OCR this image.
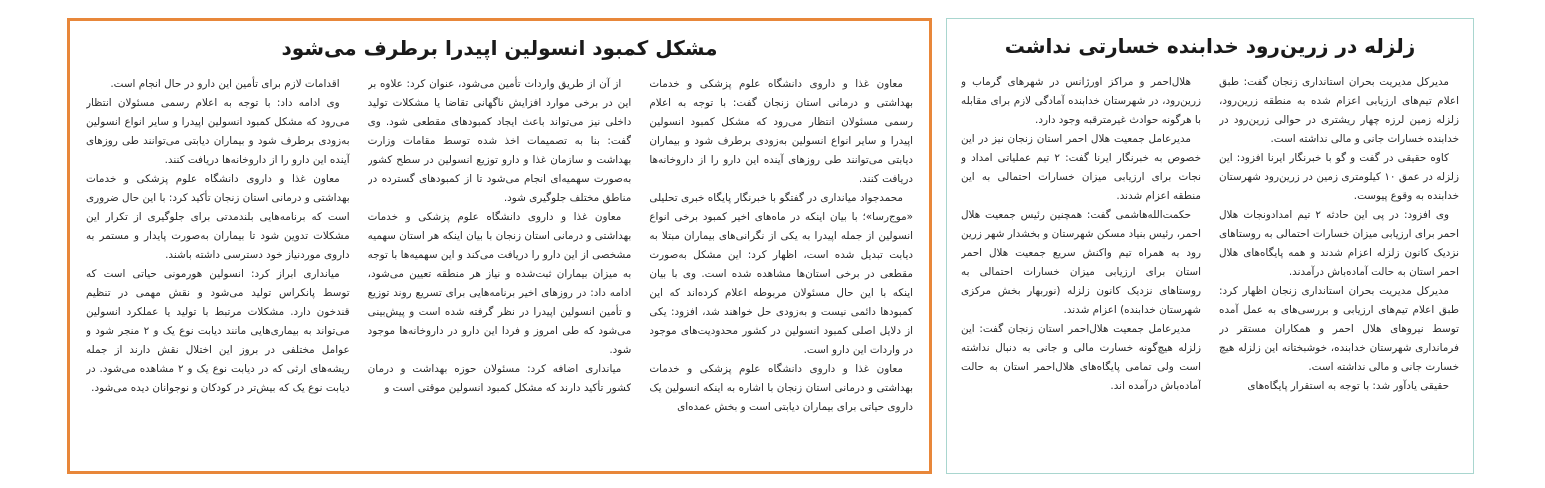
مشکل کمبود انسولین اپیدرا برطرف می‌شود

معاون غذا و داروی دانشگاه علوم پزشکی و خدمات بهداشتی و درمانی استان زنجان گفت: با توجه به اعلام رسمی مسئولان انتظار می‌رود که مشکل کمبود انسولین اپیدرا و سایر انواع انسولین به‌زودی برطرف شود و بیماران دیابتی می‌توانند طی روزهای آینده این دارو را از داروخانه‌ها دریافت کنند.

محمدجواد میانداری در گفتگو با خبرنگار پایگاه خبری تحلیلی «موج‌رسا»؛ با بیان اینکه در ماه‌های اخیر کمبود برخی انواع انسولین از جمله اپیدرا به یکی از نگرانی‌های بیماران مبتلا به دیابت تبدیل شده است، اظهار کرد: این مشکل به‌صورت مقطعی در برخی استان‌ها مشاهده شده است. وی با بیان اینکه با این حال مسئولان مربوطه اعلام کرده‌اند که این کمبودها دائمی نیست و به‌زودی حل خواهند شد، افزود: یکی از دلایل اصلی کمبود انسولین در کشور محدودیت‌های موجود در واردات این دارو است.

معاون غذا و داروی دانشگاه علوم پزشکی و خدمات بهداشتی و درمانی استان زنجان با اشاره به اینکه انسولین یک داروی حیاتی برای بیماران دیابتی است و بخش عمده‌ای

از آن از طریق واردات تأمین می‌شود، عنوان کرد: علاوه بر این در برخی موارد افزایش ناگهانی تقاضا یا مشکلات تولید داخلی نیز می‌تواند باعث ایجاد کمبودهای مقطعی شود. وی گفت: بنا به تصمیمات اخذ شده توسط مقامات وزارت بهداشت و سازمان غذا و دارو توزیع انسولین در سطح کشور به‌صورت سهمیه‌ای انجام می‌شود تا از کمبودهای گسترده در مناطق مختلف جلوگیری شود.

معاون غذا و داروی دانشگاه علوم پزشکی و خدمات بهداشتی و درمانی استان زنجان با بیان اینکه هر استان سهمیه مشخصی از این دارو را دریافت می‌کند و این سهمیه‌ها با توجه به میزان بیماران ثبت‌شده و نیاز هر منطقه تعیین می‌شود، ادامه داد: در روزهای اخیر برنامه‌هایی برای تسریع روند توزیع و تأمین انسولین اپیدرا در نظر گرفته شده است و پیش‌بینی می‌شود که طی امروز و فردا این دارو در داروخانه‌ها موجود شود.

میانداری اضافه کرد: مسئولان حوزه بهداشت و درمان کشور تأکید دارند که مشکل کمبود انسولین موقتی است و

اقدامات لازم برای تأمین این دارو در حال انجام است.

وی ادامه داد: با توجه به اعلام رسمی مسئولان انتظار می‌رود که مشکل کمبود انسولین اپیدرا و سایر انواع انسولین به‌زودی برطرف شود و بیماران دیابتی می‌توانند طی روزهای آینده این دارو را از داروخانه‌ها دریافت کنند.

معاون غذا و داروی دانشگاه علوم پزشکی و خدمات بهداشتی و درمانی استان زنجان تأکید کرد: با این حال ضروری است که برنامه‌هایی بلندمدتی برای جلوگیری از تکرار این مشکلات تدوین شود تا بیماران به‌صورت پایدار و مستمر به داروی موردنیاز خود دسترسی داشته باشند.

میانداری ابراز کرد: انسولین هورمونی حیاتی است که توسط پانکراس تولید می‌شود و نقش مهمی در تنظیم قندخون دارد. مشکلات مرتبط با تولید یا عملکرد انسولین می‌تواند به بیماری‌هایی مانند دیابت نوع یک و ۲ منجر شود و عوامل مختلفی در بروز این اختلال نقش دارند از جمله ریشه‌های ارثی که در دیابت نوع یک و ۲ مشاهده می‌شود. در دیابت نوع یک که بیش‌تر در کودکان و نوجوانان دیده می‌شود.

زلزله در زرین‌رود خدابنده خسارتی نداشت

مدیرکل مدیریت بحران استانداری زنجان گفت: طبق اعلام تیم‌های ارزیابی اعزام شده به منطقه زرین‌رود، زلزله زمین لرزه چهار ریشتری در حوالی زرین‌رود در خدابنده خسارات جانی و مالی نداشته است.

کاوه حقیقی در گفت و گو با خبرنگار ایرنا افزود: این زلزله در عمق ۱۰ کیلومتری زمین در زرین‌رود شهرستان خدابنده به وقوع پیوست.

وی افزود: در پی این حادثه ۲ تیم امدادونجات هلال احمر برای ارزیابی میزان خسارات احتمالی به روستاهای نزدیک کانون زلزله اعزام شدند و همه پایگاه‌های هلال احمر استان به حالت آماده‌باش درآمدند.

مدیرکل مدیریت بحران استانداری زنجان اظهار کرد: طبق اعلام تیم‌های ارزیابی و بررسی‌های به عمل آمده توسط نیروهای هلال احمر و همکاران مستقر در فرمانداری شهرستان خدابنده، خوشبختانه این زلزله هیچ خسارت جانی و مالی نداشته است.

حقیقی یادآور شد: با توجه به استقرار پایگاه‌های

هلال‌احمر و مراکز اورژانس در شهرهای گرماب و زرین‌رود، در شهرستان خدابنده آمادگی لازم برای مقابله با هرگونه حوادث غیرمترقبه وجود دارد.

مدیرعامل جمعیت هلال احمر استان زنجان نیز در این خصوص به خبرنگار ایرنا گفت: ۲ تیم عملیاتی امداد و نجات برای ارزیابی میزان خسارات احتمالی به این منطقه اعزام شدند.

حکمت‌الله‌هاشمی گفت: همچنین رئیس جمعیت هلال احمر، رئیس بنیاد مسکن شهرستان و بخشدار شهر زرین رود به همراه تیم واکنش سریع جمعیت هلال احمر استان برای ارزیابی میزان خسارات احتمالی به روستاهای نزدیک کانون زلزله (نوربهار بخش مرکزی شهرستان خدابنده) اعزام شدند.

مدیرعامل جمعیت هلال‌احمر استان زنجان گفت: این زلزله هیچ‌گونه خسارت مالی و جانی به دنبال نداشته است ولی تمامی پایگاه‌های هلال‌احمر استان به حالت آماده‌باش درآمده اند.
